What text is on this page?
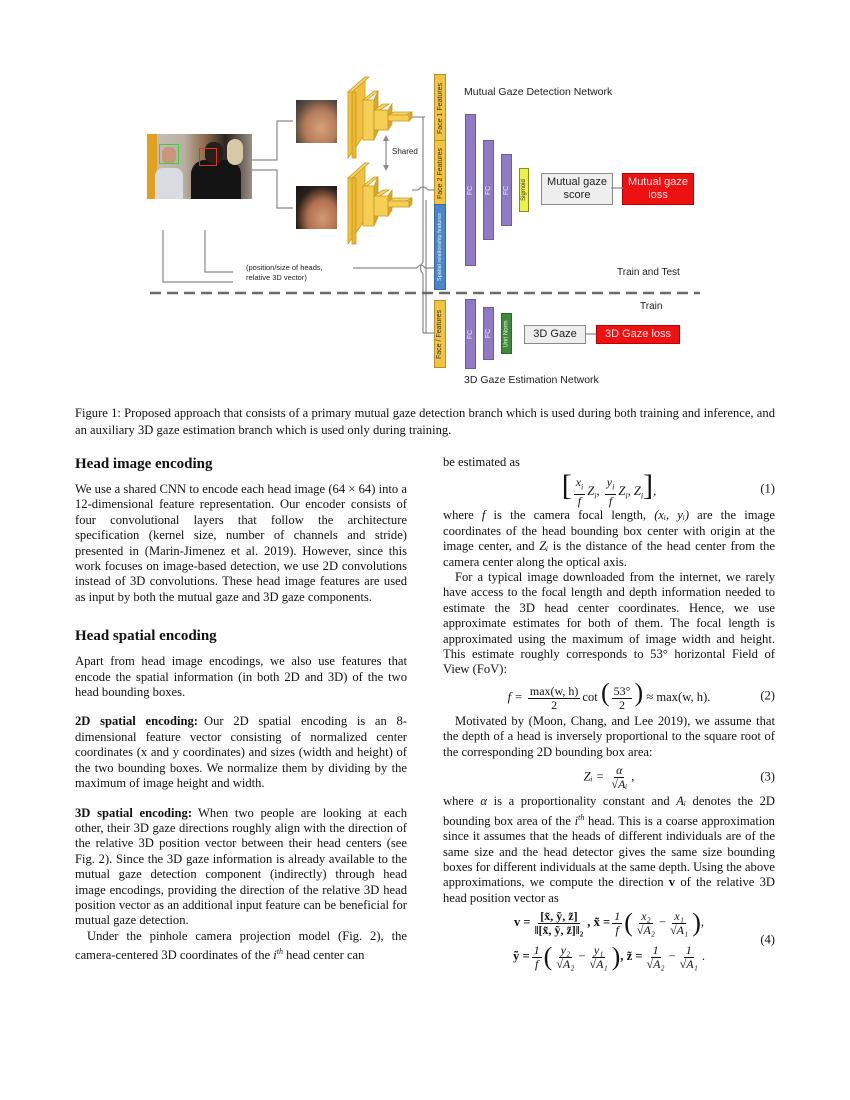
Shared
Face 1 Features
Face 2 Features
Spatial relationship features
Face / Features
(position/size of heads,
relative 3D vector)
Mutual Gaze Detection Network
FC FC FC Sigmoid Mutual gaze
score
Mutual gaze
loss
Train and Test
Train
FC FC Unit Norm	3D Gaze	3D Gaze loss
3D Gaze Estimation Network
Figure 1: Proposed approach that consists of a primary mutual gaze detection branch which is used during both training and inference, and an auxiliary 3D gaze estimation branch which is used only during training.
Head image encoding

We use a shared CNN to encode each head image (64 × 64) into a 12-dimensional feature representation. Our encoder consists of four convolutional layers that follow the architecture specification (kernel size, number of channels and stride) presented in (Marin-Jimenez et al. 2019). However, since this work focuses on image-based detection, we use 2D convolutions instead of 3D convolutions. These head image features are used as input by both the mutual gaze and 3D gaze components.

Head spatial encoding

Apart from head image encodings, we also use features that encode the spatial information (in both 2D and 3D) of the two head bounding boxes.

2D spatial encoding: Our 2D spatial encoding is an 8-dimensional feature vector consisting of normalized center coordinates (x and y coordinates) and sizes (width and height) of the two bounding boxes. We normalize them by dividing by the maximum of image height and width.

3D spatial encoding: When two people are looking at each other, their 3D gaze directions roughly align with the direction of the relative 3D position vector between their head centers (see Fig. 2). Since the 3D gaze information is already available to the mutual gaze detection component (indirectly) through head image encodings, providing the direction of the relative 3D head position vector as an additional input feature can be beneficial for mutual gaze detection.

Under the pinhole camera projection model (Fig. 2), the camera-centered 3D coordinates of the $i^{th}$ head center can

be estimated as
[ $\frac{x_i}{f} Z_i$, $\frac{y_i}{f} Z_i$, $Z_i$],	(1)

where f is the camera focal length, (xᵢ, yᵢ) are the image coordinates of the head bounding box center with origin at the image center, and Zᵢ is the distance of the head center from the camera center along the optical axis.

For a typical image downloaded from the internet, we rarely have access to the focal length and depth information needed to estimate the 3D head center coordinates. Hence, we use approximate estimates for both of them. The focal length is approximated using the maximum of image width and height. This estimate roughly corresponds to 53° horizontal Field of View (FoV):

$f = \frac{\max(w, h)}{2}$ cot ( $\frac{53^\circ}{2}$ ) ≈ max(w, h).	(2)

Motivated by (Moon, Chang, and Lee 2019), we assume that the depth of a head is inversely proportional to the square root of the corresponding 2D bounding box area:

Zᵢ = $\frac{\alpha}{\text{√Aᵢ}}$ ,	(3)

where α is a proportionality constant and Aᵢ denotes the 2D bounding box area of the $i^{th}$ head. This is a coarse approximation since it assumes that the heads of different individuals are of the same size and the head detector gives the same size bounding boxes for different individuals at the same depth. Using the above approximations, we compute the direction v of the relative 3D head position vector as

$v = \frac{\text{[x̃, ỹ, z̃]}}{\text{‖[x̃, ỹ, z̃]‖₂}}$ , x̃ = $\frac{1}{f}$ ( $\frac{\text{x₂}}{\text{√A₂}} - \frac{\text{x₁}}{\text{√A₁}}$ ) ,
ỹ = $\frac{1}{f}$ ( $\frac{\text{y₂}}{\text{√A₂}} - \frac{\text{y₁}}{\text{√A₁}}$ ) , z̃ = $\frac{1}{\text{√A₂}} - \frac{1}{\text{√A₁}}$ .
(4)
